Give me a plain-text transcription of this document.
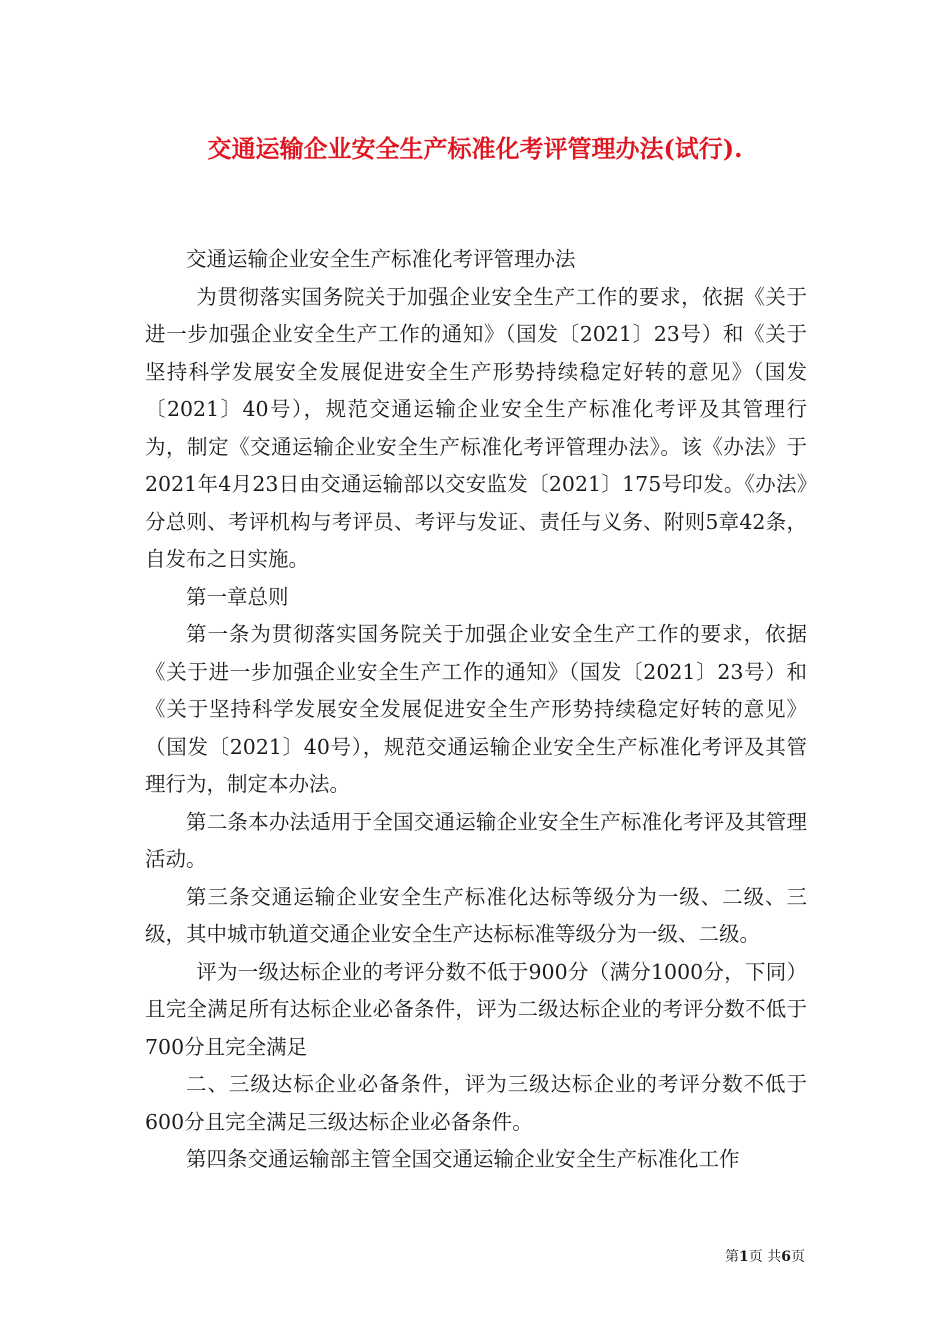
交通运输企业安全生产标准化考评管理办法(试行).

交通运输企业安全生产标准化考评管理办法

为贯彻落实国务院关于加强企业安全生产工作的要求，依据《关于进一步加强企业安全生产工作的通知》（国发〔2021〕23号）和《关于坚持科学发展安全发展促进安全生产形势持续稳定好转的意见》（国发〔2021〕40号），规范交通运输企业安全生产标准化考评及其管理行为，制定《交通运输企业安全生产标准化考评管理办法》。该《办法》于2021年4月23日由交通运输部以交安监发〔2021〕175号印发。《办法》分总则、考评机构与考评员、考评与发证、责任与义务、附则5章42条，自发布之日实施。

第一章总则

第一条为贯彻落实国务院关于加强企业安全生产工作的要求，依据《关于进一步加强企业安全生产工作的通知》（国发〔2021〕23号）和《关于坚持科学发展安全发展促进安全生产形势持续稳定好转的意见》（国发〔2021〕40号），规范交通运输企业安全生产标准化考评及其管理行为，制定本办法。

第二条本办法适用于全国交通运输企业安全生产标准化考评及其管理活动。

第三条交通运输企业安全生产标准化达标等级分为一级、二级、三级，其中城市轨道交通企业安全生产达标标准等级分为一级、二级。

评为一级达标企业的考评分数不低于900分（满分1000分，下同）且完全满足所有达标企业必备条件，评为二级达标企业的考评分数不低于700分且完全满足

二、三级达标企业必备条件，评为三级达标企业的考评分数不低于600分且完全满足三级达标企业必备条件。

第四条交通运输部主管全国交通运输企业安全生产标准化工作

第1页 共6页
